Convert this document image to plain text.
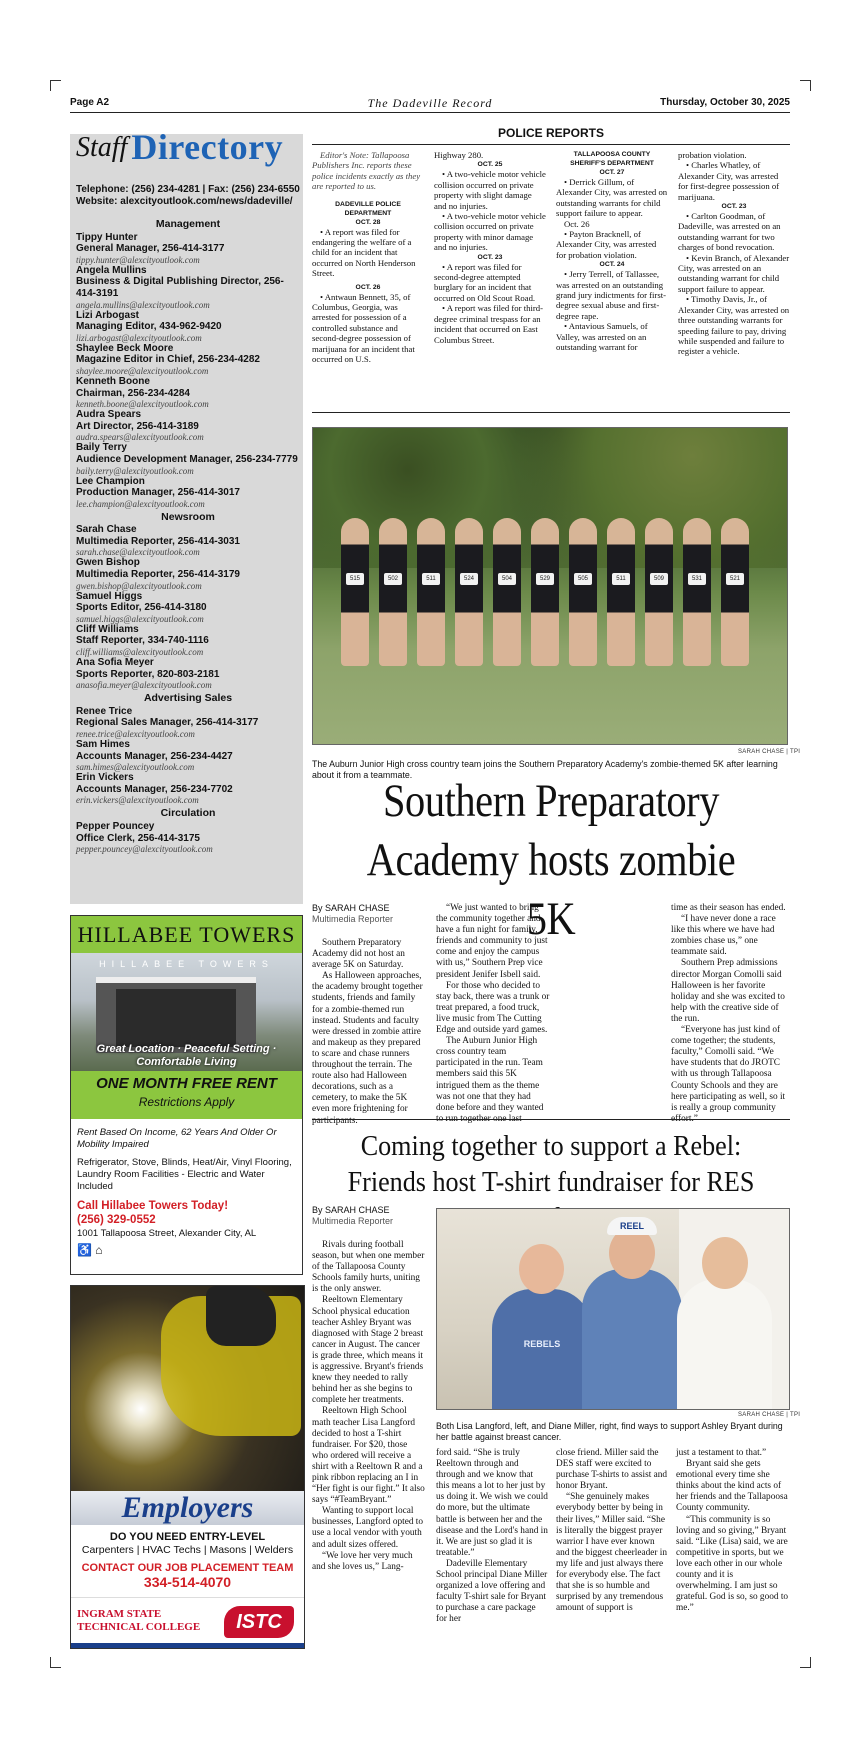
Page A2	The Dadeville Record	Thursday, October 30, 2025
Staff Directory
Telephone: (256) 234-4281 | Fax: (256) 234-6550
Website: alexcityoutlook.com/news/dadeville/
Management
Tippy Hunter
General Manager, 256-414-3177
tippy.hunter@alexcityoutlook.com
Angela Mullins
Business & Digital Publishing Director, 256-414-3191
angela.mullins@alexcityoutlook.com
Lizi Arbogast
Managing Editor, 434-962-9420
lizi.arbogast@alexcityoutlook.com
Shaylee Beck Moore
Magazine Editor in Chief, 256-234-4282
shaylee.moore@alexcityoutlook.com
Kenneth Boone
Chairman, 256-234-4284
kenneth.boone@alexcityoutlook.com
Audra Spears
Art Director, 256-414-3189
audra.spears@alexcityoutlook.com
Baily Terry
Audience Development Manager, 256-234-7779
baily.terry@alexcityoutlook.com
Lee Champion
Production Manager, 256-414-3017
lee.champion@alexcityoutlook.com
Newsroom
Sarah Chase
Multimedia Reporter, 256-414-3031
sarah.chase@alexcityoutlook.com
Gwen Bishop
Multimedia Reporter, 256-414-3179
gwen.bishop@alexcityoutlook.com
Samuel Higgs
Sports Editor, 256-414-3180
samuel.higgs@alexcityoutlook.com
Cliff Williams
Staff Reporter, 334-740-1116
cliff.williams@alexcityoutlook.com
Ana Sofia Meyer
Sports Reporter, 820-803-2181
anasofia.meyer@alexcityoutlook.com
Advertising Sales
Renee Trice
Regional Sales Manager, 256-414-3177
renee.trice@alexcityoutlook.com
Sam Himes
Accounts Manager, 256-234-4427
sam.himes@alexcityoutlook.com
Erin Vickers
Accounts Manager, 256-234-7702
erin.vickers@alexcityoutlook.com
Circulation
Pepper Pouncey
Office Clerk, 256-414-3175
pepper.pouncey@alexcityoutlook.com
HILLABEE TOWERS
HILLABEE TOWERS
Great Location · Peaceful Setting · Comfortable Living
ONE MONTH FREE RENT
Restrictions Apply
Rent Based On Income, 62 Years And Older Or Mobility Impaired
Refrigerator, Stove, Blinds, Heat/Air, Vinyl Flooring, Laundry Room Facilities - Electric and Water Included
Call Hillabee Towers Today!
(256) 329-0552
1001 Tallapoosa Street, Alexander City, AL
♿ ⌂
Employers
DO YOU NEED ENTRY-LEVEL
Carpenters | HVAC Techs | Masons | Welders
CONTACT OUR JOB PLACEMENT TEAM
334-514-4070
INGRAM STATE
TECHNICAL COLLEGE	ISTC
POLICE REPORTS

Editor's Note: Tallapoosa Publishers Inc. reports these police incidents exactly as they are reported to us.

DADEVILLE POLICE DEPARTMENT

OCT. 28

• A report was filed for endangering the welfare of a child for an incident that occurred on North Henderson Street.

OCT. 26

• Antwaun Bennett, 35, of Columbus, Georgia, was arrested for possession of a controlled substance and second-degree possession of marijuana for an incident that occurred on U.S.

Highway 280.

OCT. 25

• A two-vehicle motor vehicle collision occurred on private property with slight damage and no injuries.

• A two-vehicle motor vehicle collision occurred on private property with minor damage and no injuries.

OCT. 23

• A report was filed for second-degree attempted burglary for an incident that occurred on Old Scout Road.

• A report was filed for third-degree criminal trespass for an incident that occurred on East Columbus Street.

TALLAPOOSA COUNTY SHERIFF'S DEPARTMENT

OCT. 27

• Derrick Gillum, of Alexander City, was arrested on outstanding warrants for child support failure to appear.

Oct. 26

• Payton Bracknell, of Alexander City, was arrested for probation violation.

OCT. 24

• Jerry Terrell, of Tallassee, was arrested on an outstanding grand jury indictments for first-degree sexual abuse and first-degree rape.

• Antavious Samuels, of Valley, was arrested on an outstanding warrant for

probation violation.

• Charles Whatley, of Alexander City, was arrested for first-degree possession of marijuana.

OCT. 23

• Carlton Goodman, of Dadeville, was arrested on an outstanding warrant for two charges of bond revocation.

• Kevin Branch, of Alexander City, was arrested on an outstanding warrant for child support failure to appear.

• Timothy Davis, Jr., of Alexander City, was arrested on three outstanding warrants for speeding failure to pay, driving while suspended and failure to register a vehicle.

515	502	511	524	504	529	505	511	509	531	521
SARAH CHASE | TPI
The Auburn Junior High cross country team joins the Southern Preparatory Academy's zombie-themed 5K after learning about it from a teammate.
Southern Preparatory Academy hosts zombie 5K
By SARAH CHASE
Multimedia Reporter

Southern Preparatory Academy did not host an average 5K on Saturday.

As Halloween approaches, the academy brought together students, friends and family for a zombie-themed run instead. Students and faculty were dressed in zombie attire and makeup as they prepared to scare and chase runners throughout the terrain. The route also had Halloween decorations, such as a cemetery, to make the 5K even more frightening for participants.

“We just wanted to bring the community together and have a fun night for family, friends and community to just come and enjoy the campus with us,” Southern Prep vice president Jenifer Isbell said.

For those who decided to stay back, there was a trunk or treat prepared, a food truck, live music from The Cutting Edge and outside yard games.

The Auburn Junior High cross country team participated in the run. Team members said this 5K intrigued them as the theme was not one that they had done before and they wanted to run together one last

time as their season has ended.

“I have never done a race like this where we have had zombies chase us,” one teammate said.

Southern Prep admissions director Morgan Comolli said Halloween is her favorite holiday and she was excited to help with the creative side of the run.

“Everyone has just kind of come together; the students, faculty,” Comolli said. “We have students that do JROTC with us through Tallapoosa County Schools and they are here participating as well, so it is really a group community effort.”

Coming together to support a Rebel: Friends host T-shirt fundraiser for RES
By SARAH CHASE
Multimedia Reporter

Rivals during football season, but when one member of the Tallapoosa County Schools family hurts, uniting is the only answer.

Reeltown Elementary School physical education teacher Ashley Bryant was diagnosed with Stage 2 breast cancer in August. The cancer is grade three, which means it is aggressive. Bryant's friends knew they needed to rally behind her as she begins to complete her treatments.

Reeltown High School math teacher Lisa Langford decided to host a T-shirt fundraiser. For $20, those who ordered will receive a shirt with a Reeltown R and a pink ribbon replacing an I in “Her fight is our fight.” It also says “#TeamBryant.”

Wanting to support local businesses, Langford opted to use a local vendor with youth and adult sizes offered.

“We love her very much and she loves us,” Lang-

REEL
REBELS
SARAH CHASE | TPI
Both Lisa Langford, left, and Diane Miller, right, find ways to support Ashley Bryant during her battle against breast cancer.

ford said. “She is truly Reeltown through and through and we know that this means a lot to her just by us doing it. We wish we could do more, but the ultimate battle is between her and the disease and the Lord's hand in it. We are just so glad it is treatable.”

Dadeville Elementary School principal Diane Miller organized a love offering and faculty T-shirt sale for Bryant to purchase a care package for her

close friend. Miller said the DES staff were excited to purchase T-shirts to assist and honor Bryant.

“She genuinely makes everybody better by being in their lives,” Miller said. “She is literally the biggest prayer warrior I have ever known and the biggest cheerleader in my life and just always there for everybody else. The fact that she is so humble and surprised by any tremendous amount of support is

just a testament to that.”

Bryant said she gets emotional every time she thinks about the kind acts of her friends and the Tallapoosa County community.

“This community is so loving and so giving,” Bryant said. “Like (Lisa) said, we are competitive in sports, but we love each other in our whole county and it is overwhelming. I am just so grateful. God is so, so good to me.”
